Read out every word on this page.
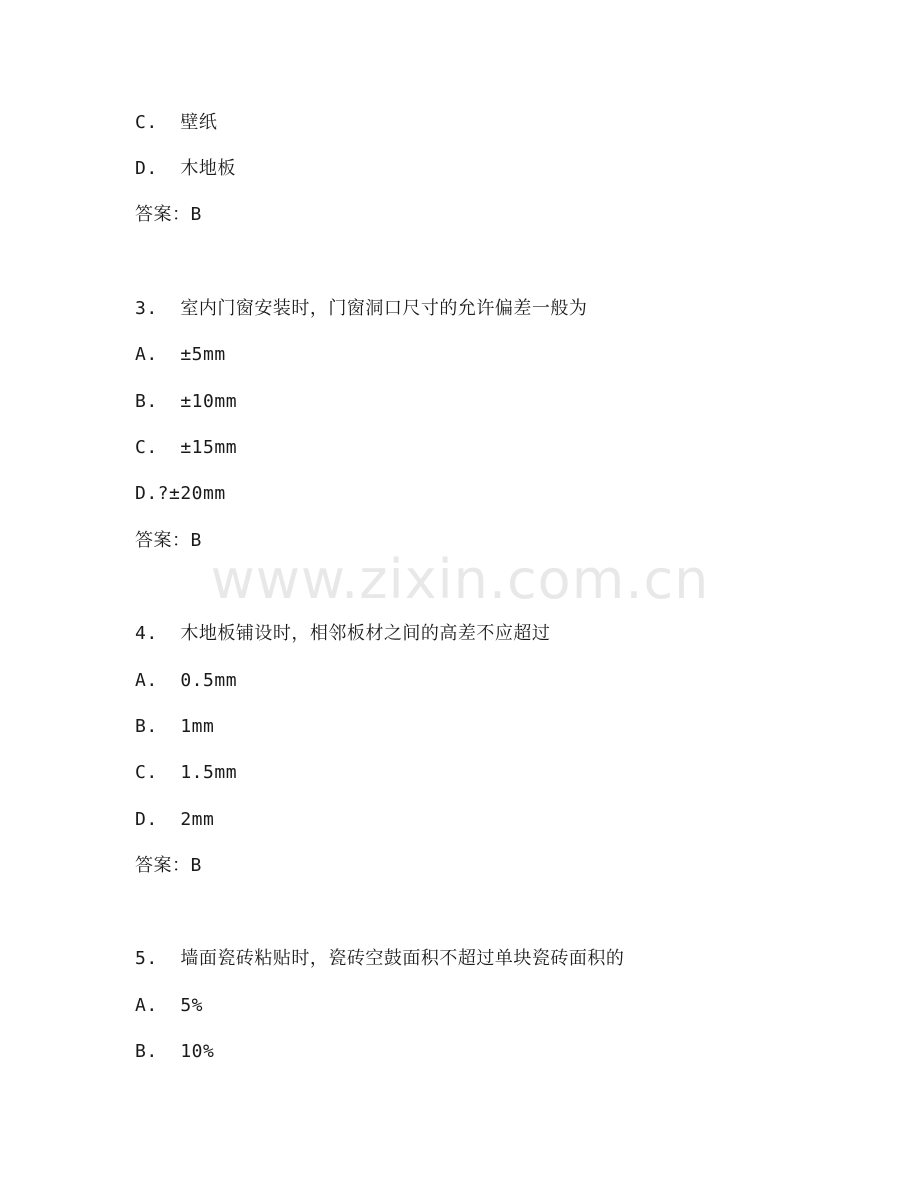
C.  壁纸
D.  木地板
答案：B
3.  室内门窗安装时，门窗洞口尺寸的允许偏差一般为
A.  ±5mm
B.  ±10mm
C.  ±15mm
D.?±20mm
答案：B
www.zixin.com.cn
4.  木地板铺设时，相邻板材之间的高差不应超过
A.  0.5mm
B.  1mm
C.  1.5mm
D.  2mm
答案：B
5.  墙面瓷砖粘贴时，瓷砖空鼓面积不超过单块瓷砖面积的
A.  5%
B.  10%
